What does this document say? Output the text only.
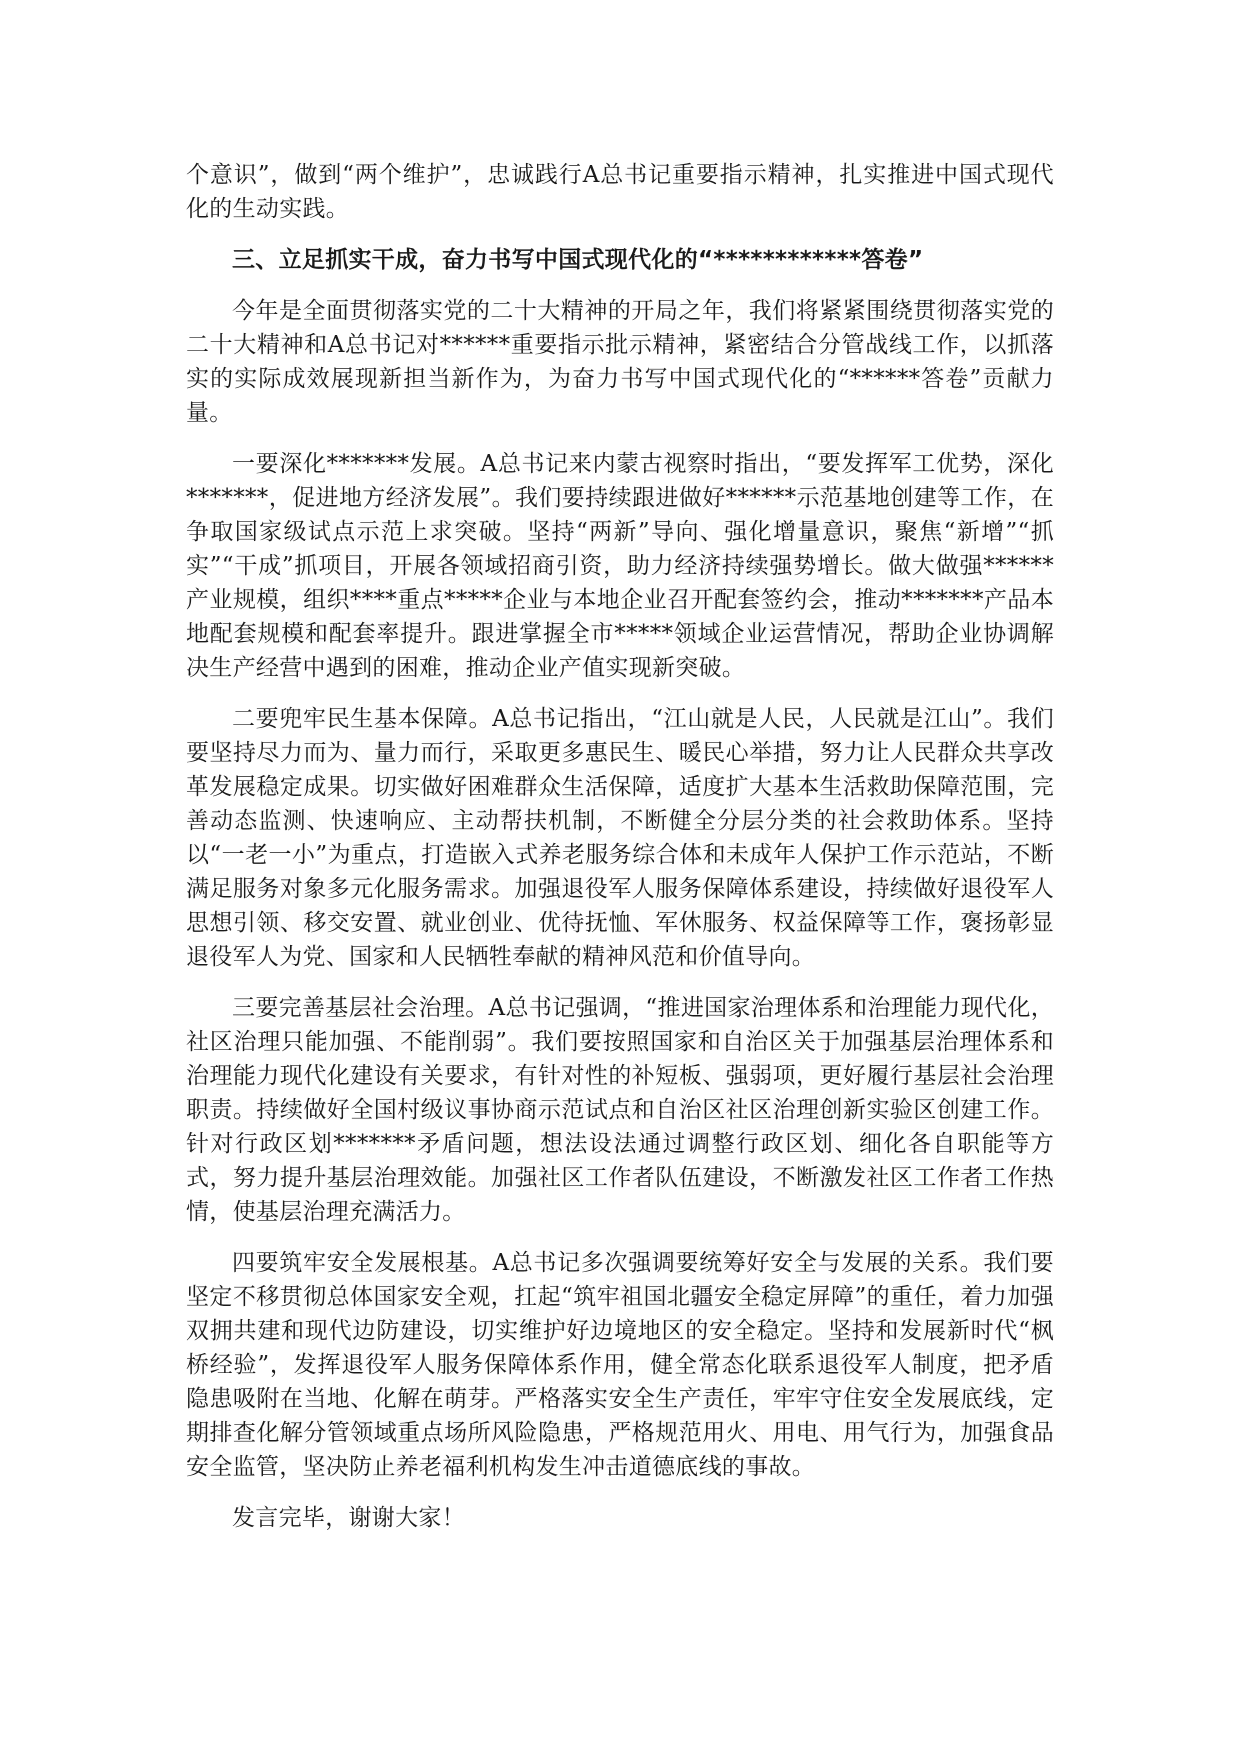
个意识”，做到“两个维护”，忠诚践行A总书记重要指示精神，扎实推进中国式现代化的生动实践。

三、立足抓实干成，奋力书写中国式现代化的“************答卷”

今年是全面贯彻落实党的二十大精神的开局之年，我们将紧紧围绕贯彻落实党的二十大精神和A总书记对******重要指示批示精神，紧密结合分管战线工作，以抓落实的实际成效展现新担当新作为，为奋力书写中国式现代化的“******答卷”贡献力量。

一要深化*******发展。A总书记来内蒙古视察时指出，“要发挥军工优势，深化*******，促进地方经济发展”。我们要持续跟进做好******示范基地创建等工作，在争取国家级试点示范上求突破。坚持“两新”导向、强化增量意识，聚焦“新增”“抓实”“干成”抓项目，开展各领域招商引资，助力经济持续强势增长。做大做强******产业规模，组织****重点*****企业与本地企业召开配套签约会，推动*******产品本地配套规模和配套率提升。跟进掌握全市*****领域企业运营情况，帮助企业协调解决生产经营中遇到的困难，推动企业产值实现新突破。

二要兜牢民生基本保障。A总书记指出，“江山就是人民，人民就是江山”。我们要坚持尽力而为、量力而行，采取更多惠民生、暖民心举措，努力让人民群众共享改革发展稳定成果。切实做好困难群众生活保障，适度扩大基本生活救助保障范围，完善动态监测、快速响应、主动帮扶机制，不断健全分层分类的社会救助体系。坚持以“一老一小”为重点，打造嵌入式养老服务综合体和未成年人保护工作示范站，不断满足服务对象多元化服务需求。加强退役军人服务保障体系建设，持续做好退役军人思想引领、移交安置、就业创业、优待抚恤、军休服务、权益保障等工作，褒扬彰显退役军人为党、国家和人民牺牲奉献的精神风范和价值导向。

三要完善基层社会治理。A总书记强调，“推进国家治理体系和治理能力现代化，社区治理只能加强、不能削弱”。我们要按照国家和自治区关于加强基层治理体系和治理能力现代化建设有关要求，有针对性的补短板、强弱项，更好履行基层社会治理职责。持续做好全国村级议事协商示范试点和自治区社区治理创新实验区创建工作。针对行政区划*******矛盾问题，想法设法通过调整行政区划、细化各自职能等方式，努力提升基层治理效能。加强社区工作者队伍建设，不断激发社区工作者工作热情，使基层治理充满活力。

四要筑牢安全发展根基。A总书记多次强调要统筹好安全与发展的关系。我们要坚定不移贯彻总体国家安全观，扛起“筑牢祖国北疆安全稳定屏障”的重任，着力加强双拥共建和现代边防建设，切实维护好边境地区的安全稳定。坚持和发展新时代“枫桥经验”，发挥退役军人服务保障体系作用，健全常态化联系退役军人制度，把矛盾隐患吸附在当地、化解在萌芽。严格落实安全生产责任，牢牢守住安全发展底线，定期排查化解分管领域重点场所风险隐患，严格规范用火、用电、用气行为，加强食品安全监管，坚决防止养老福利机构发生冲击道德底线的事故。

发言完毕，谢谢大家！
